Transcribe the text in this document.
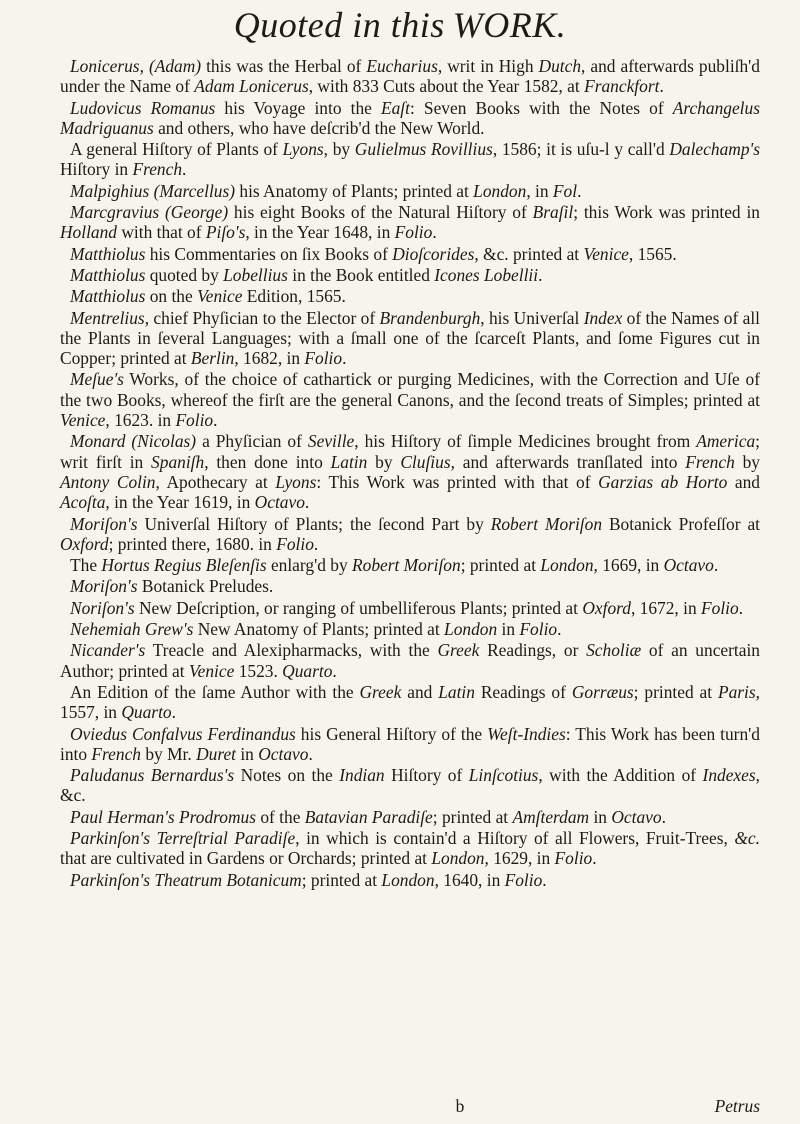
Quoted in this WORK.

Lonicerus, (Adam) this was the Herbal of Eucharius, writ in High Dutch, and afterwards publiſh'd under the Name of Adam Lonicerus, with 833 Cuts about the Year 1582, at Franckfort.

Ludovicus Romanus his Voyage into the Eaſt: Seven Books with the Notes of Archangelus Madriguanus and others, who have deſcrib'd the New World.

A general Hiſtory of Plants of Lyons, by Gulielmus Rovillius, 1586; it is uſu-l y call'd Dalechamp's Hiſtory in French.

Malpighius (Marcellus) his Anatomy of Plants; printed at London, in Fol.

Marcgravius (George) his eight Books of the Natural Hiſtory of Braſil; this Work was printed in Holland with that of Piſo's, in the Year 1648, in Folio.

Matthiolus his Commentaries on ſix Books of Dioſcorides, &c. printed at Venice, 1565.

Matthiolus quoted by Lobellius in the Book entitled Icones Lobellii.

Matthiolus on the Venice Edition, 1565.

Mentrelius, chief Phyſician to the Elector of Brandenburgh, his Univerſal Index of the Names of all the Plants in ſeveral Languages; with a ſmall one of the ſcarceſt Plants, and ſome Figures cut in Copper; printed at Berlin, 1682, in Folio.

Meſue's Works, of the choice of cathartick or purging Medicines, with the Correction and Uſe of the two Books, whereof the firſt are the general Canons, and the ſecond treats of Simples; printed at Venice, 1623. in Folio.

Monard (Nicolas) a Phyſician of Seville, his Hiſtory of ſimple Medicines brought from America; writ firſt in Spaniſh, then done into Latin by Cluſius, and afterwards tranſlated into French by Antony Colin, Apothecary at Lyons: This Work was printed with that of Garzias ab Horto and Acoſta, in the Year 1619, in Octavo.

Moriſon's Univerſal Hiſtory of Plants; the ſecond Part by Robert Moriſon Botanick Profeſſor at Oxford; printed there, 1680. in Folio.

The Hortus Regius Bleſenſis enlarg'd by Robert Moriſon; printed at London, 1669, in Octavo.

Moriſon's Botanick Preludes.

Noriſon's New Deſcription, or ranging of umbelliferous Plants; printed at Oxford, 1672, in Folio.

Nehemiah Grew's New Anatomy of Plants; printed at London in Folio.

Nicander's Treacle and Alexipharmacks, with the Greek Readings, or Scholiæ of an uncertain Author; printed at Venice 1523. Quarto.

An Edition of the ſame Author with the Greek and Latin Readings of Gorræus; printed at Paris, 1557, in Quarto.

Oviedus Confalvus Ferdinandus his General Hiſtory of the Weſt-Indies: This Work has been turn'd into French by Mr. Duret in Octavo.

Paludanus Bernardus's Notes on the Indian Hiſtory of Linſcotius, with the Addition of Indexes, &c.

Paul Herman's Prodromus of the Batavian Paradiſe; printed at Amſterdam in Octavo.

Parkinſon's Terreſtrial Paradiſe, in which is contain'd a Hiſtory of all Flowers, Fruit-Trees, &c. that are cultivated in Gardens or Orchards; printed at London, 1629, in Folio.

Parkinſon's Theatrum Botanicum; printed at London, 1640, in Folio.

b	Petrus
